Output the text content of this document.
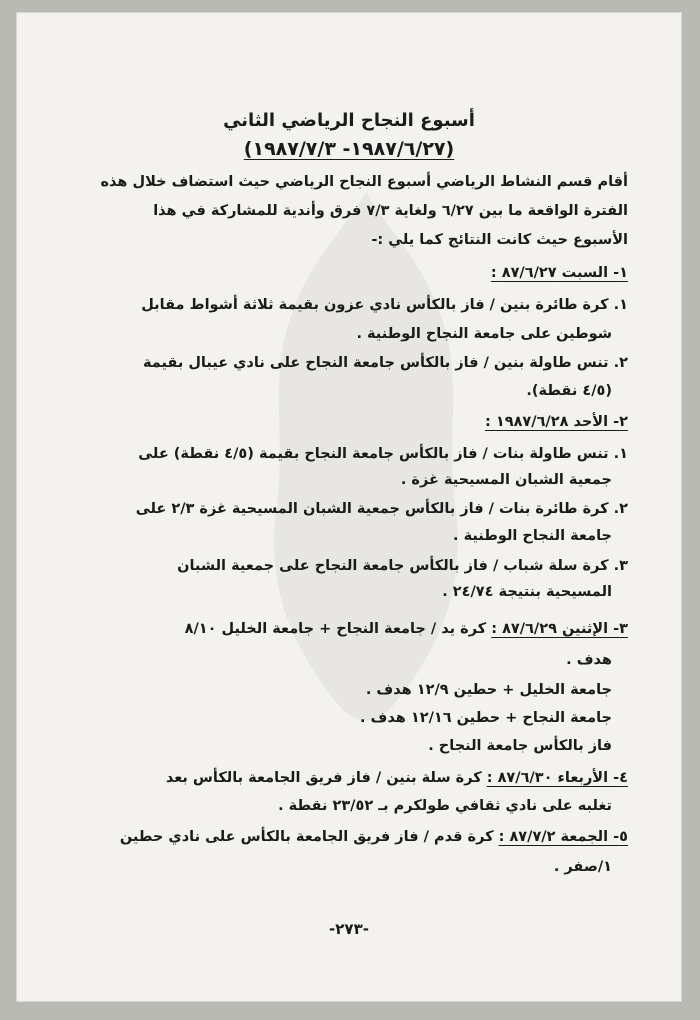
أسبوع النجاح الرياضي الثاني
(١٩٨٧/٦/٢٧- ١٩٨٧/٧/٣)
أقام قسم النشاط الرياضي أسبوع النجاح الرياضي حيث استضاف خلال هذه
الفترة الواقعة ما بين ٦/٢٧ ولغاية ٧/٣ فرق وأندية للمشاركة في هذا
الأسبوع حيث كانت النتائج كما يلي :-
١- السبت ٨٧/٦/٢٧ :
١. كرة طائرة بنين / فاز بالكأس نادي عزون بقيمة ثلاثة أشواط مقابل
شوطين على جامعة النجاح الوطنية .
٢. تنس طاولة بنين / فاز بالكأس جامعة النجاح على نادي عيبال بقيمة
(٤/٥ نقطة).
٢- الأحد ١٩٨٧/٦/٢٨ :
١. تنس طاولة بنات / فاز بالكأس جامعة النجاح بقيمة (٤/٥ نقطة) على
جمعية الشبان المسيحية غزة .
٢. كرة طائرة بنات / فاز بالكأس جمعية الشبان المسيحية غزة ٢/٣ على
جامعة النجاح الوطنية .
٣. كرة سلة شباب / فاز بالكأس جامعة النجاح على جمعية الشبان
المسيحية بنتيجة ٢٤/٧٤ .
٣- الإثنين ٨٧/٦/٢٩ : كرة يد / جامعة النجاح + جامعة الخليل ٨/١٠
هدف .
جامعة الخليل + حطين ١٢/٩ هدف .
جامعة النجاح + حطين ١٢/١٦ هدف .
فاز بالكأس جامعة النجاح .
٤- الأربعاء ٨٧/٦/٣٠ : كرة سلة بنين / فاز فريق الجامعة بالكأس بعد
تغلبه على نادي ثقافي طولكرم بـ ٢٣/٥٢ نقطة .
٥- الجمعة ٨٧/٧/٢ : كرة قدم / فاز فريق الجامعة بالكأس على نادي حطين
١/صفر .
-٢٧٣-
